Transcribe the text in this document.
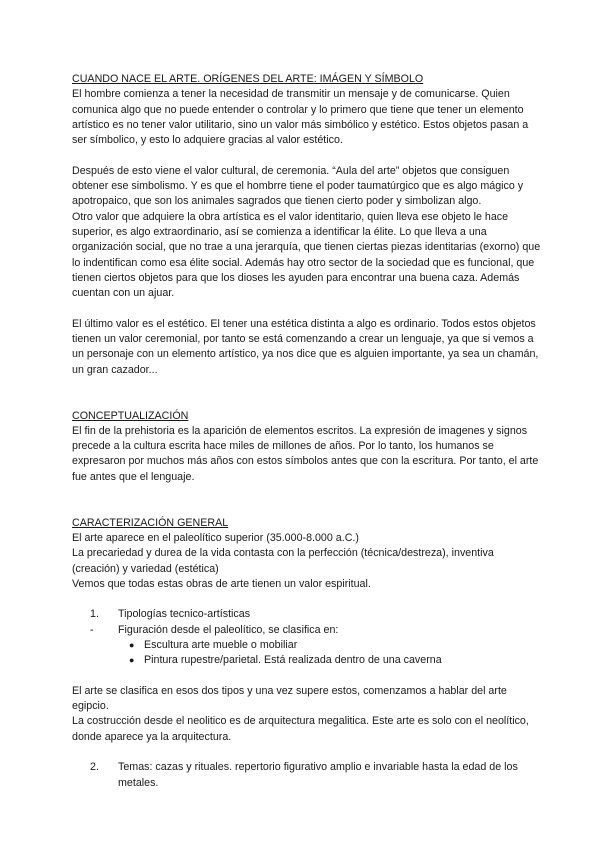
CUANDO NACE EL ARTE. ORÍGENES DEL ARTE: IMÁGEN Y SÍMBOLO

El hombre comienza a tener la necesidad de transmitir un mensaje y de comunicarse. Quien comunica algo que no puede entender o controlar y lo primero que tiene que tener un elemento artístico es no tener valor utilitario, sino un valor más simbólico y estético. Estos objetos pasan a ser símbolico, y esto lo adquiere gracias al valor estético.

Después de esto viene el valor cultural, de ceremonia. “Aula del arte” objetos que consiguen obtener ese simbolismo. Y es que el hombrre tiene el poder taumatúrgico que es algo mágico y apotropaico, que son los animales sagrados que tienen cierto poder y simbolizan algo.

Otro valor que adquiere la obra artística es el valor identitario, quien lleva ese objeto le hace superior, es algo extraordinario, así se comienza a identificar la élite. Lo que lleva a una organización social, que no trae a una jerarquía, que tienen ciertas piezas identitarias (exorno) que lo indentifican como esa élite social. Además hay otro sector de la sociedad que es funcional, que tienen ciertos objetos para que los dioses les ayuden para encontrar una buena caza. Además cuentan con un ajuar.

El último valor es el estético. El tener una estética distinta a algo es ordinario. Todos estos objetos tienen un valor ceremonial, por tanto se está comenzando a crear un lenguaje, ya que si vemos a un personaje con un elemento artístico, ya nos dice que es alguien importante, ya sea un chamán, un gran cazador...

CONCEPTUALIZACIÓN

El fin de la prehistoria es la aparición de elementos escritos. La expresión de imagenes y signos precede a la cultura escrita hace miles de millones de años. Por lo tanto, los humanos se expresaron por muchos más años con estos símbolos antes que con la escritura. Por tanto, el arte fue antes que el lenguaje.

CARACTERIZACIÓN GENERAL

El arte aparece en el paleolítico superior (35.000-8.000 a.C.)

La precariedad y durea de la vida contasta con la perfección (técnica/destreza), inventiva (creación) y variedad (estética)

Vemos que todas estas obras de arte tienen un valor espiritual.

1. Tipologías tecnico-artísticas
- Figuración desde el paleolítico, se clasifica en:
● Escultura arte mueble o mobiliar
● Pintura rupestre/parietal. Está realizada dentro de una caverna

El arte se clasifica en esos dos tipos y una vez supere estos, comenzamos a hablar del arte egipcio.

La costrucción desde el neolitico es de arquitectura megalitica. Este arte es solo con el neolítico, donde aparece ya la arquitectura.

2. Temas: cazas y rituales. repertorio figurativo amplio e invariable hasta la edad de los metales.
